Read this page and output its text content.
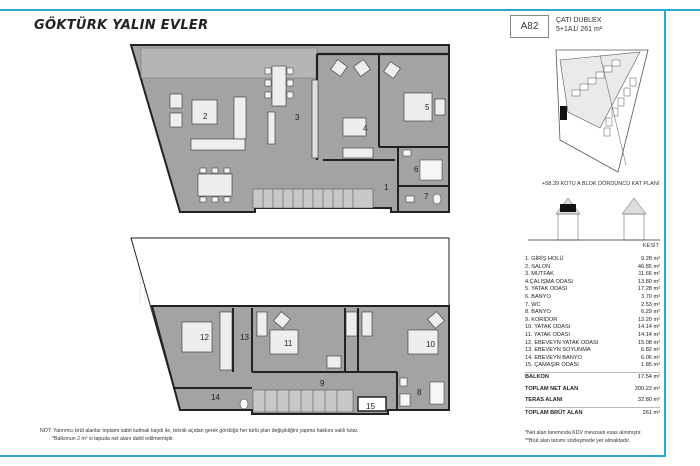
GÖKTÜRK YALIN EVLER
1
2	3
4
5
6
7
8
9
10
11
12	13
14
15
A82
ÇATI DUBLEX
5+1A1/ 261 m²
+58.39 KOTU A BLOK DÖRDÜNCÜ KAT PLANI
KESİT
1. GİRİŞ HOLÜ	9.28 m²
2. SALON	46.85 m²
3. MUTFAK	11.66 m²
4.ÇALIŞMA ODASI	13.80 m²
5. YATAK ODASI	17.28 m²
6. BANYO	3.70 m²
7. WC	2.53 m²
8. BANYO	6.29 m²
9. KORİDOR	13.20 m²
10. YATAK ODASI	14.14 m²
11. YATAK ODASI	14.14 m²
12. EBEVEYN YATAK ODASI	15.08 m²
13. EBEVEYN SOYUNMA	6.82 m²
14. EBEVEYN BANYO	6.06 m²
15. ÇAMAŞIR ODASI	1.85 m²
BALKON	17.54 m²
TOPLAM NET ALAN	200.22 m²
TERAS ALANI	32.80 m²
TOPLAM BRÜT ALAN	261 m²
NOT: Yatırımcı brüt alanlar toplamı sabit kalmak kaydı ile, teknik açıdan gerek gördüğü her türlü plan değişikliğini yapma hakkını saklı tutar.
*Balkonun 2 m² si tapuda net alanı dahil edilmemiştir.
*Net alan tanımında KDV mevzuatı esas alınmıştır.
**Brüt alan tanımı sözleşmede yer almaktadır.
